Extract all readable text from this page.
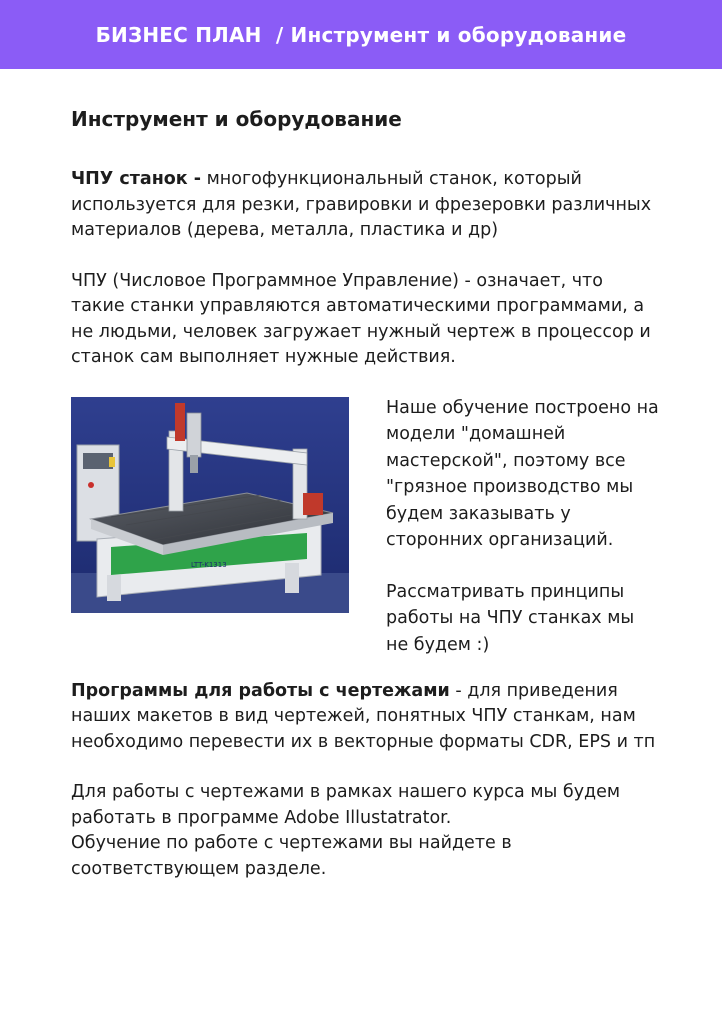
БИЗНЕС ПЛАН  / Инструмент и оборудование
Инструмент и оборудование

ЧПУ станок - многофункциональный станок, который используется для резки, гравировки и фрезеровки различных материалов (дерева, металла, пластика и др)

ЧПУ (Числовое Программное Управление) - означает, что такие станки управляются автоматическими программами, а не людьми, человек загружает нужный чертеж в процессор и станок сам выполняет нужные действия.

LTT-K1313

Наше обучение построено на модели "домашней мастерской", поэтому все "грязное производство мы будем заказывать у сторонних организаций.

Рассматривать принципы работы на ЧПУ станках мы не будем :)

Программы для работы с чертежами - для приведения наших макетов в вид чертежей, понятных ЧПУ станкам, нам необходимо перевести их в векторные форматы CDR, EPS и тп

Для работы с чертежами в рамках нашего курса мы будем работать в программе Adobe Illustatrator.

Обучение по работе с чертежами вы найдете в соответствующем разделе.
